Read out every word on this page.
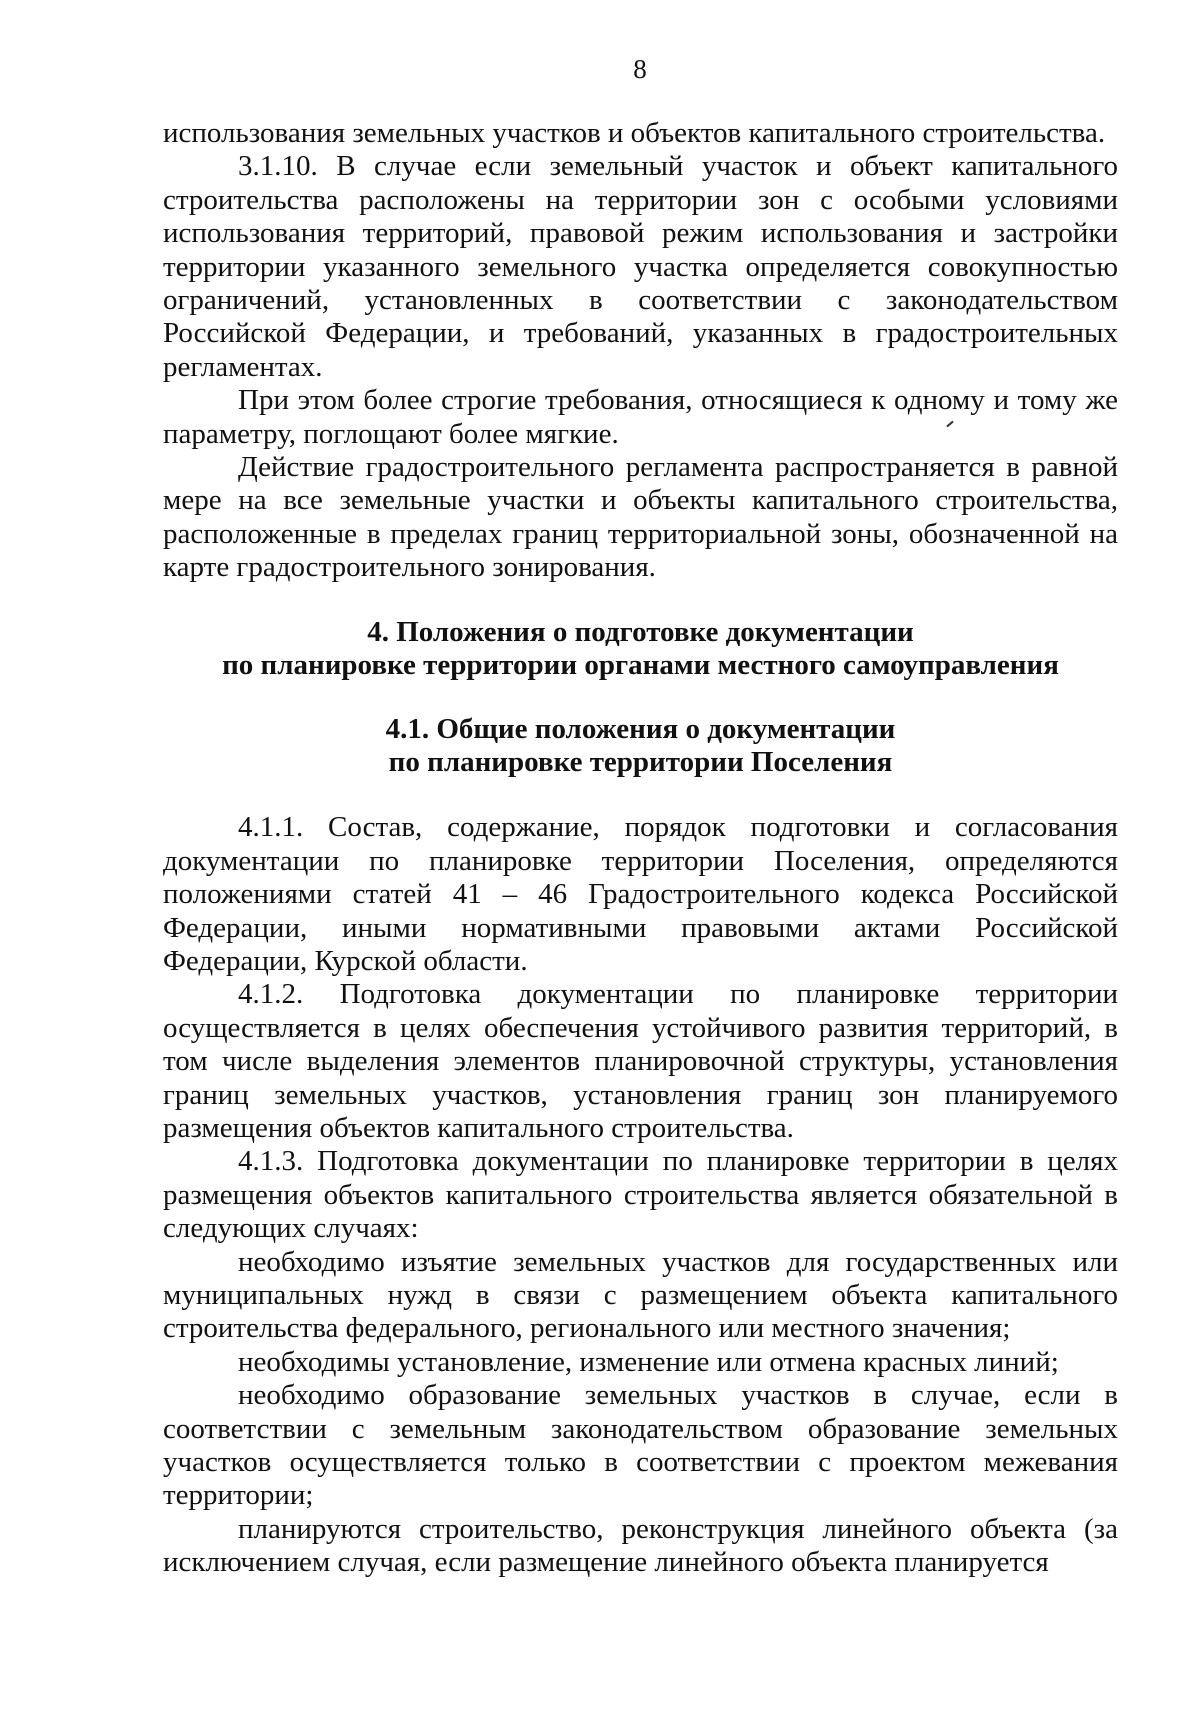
8

использования земельных участков и объектов капитального строительства.

3.1.10. В случае если земельный участок и объект капитального строительства расположены на территории зон с особыми условиями использования территорий, правовой режим использования и застройки территории указанного земельного участка определяется совокупностью ограничений, установленных в соответствии с законодательством Российской Федерации, и требований, указанных в градостроительных регламентах.

При этом более строгие требования, относящиеся к одному и тому же параметру, поглощают более мягкие.

Действие градостроительного регламента распространяется в равной мере на все земельные участки и объекты капитального строительства, расположенные в пределах границ территориальной зоны, обозначенной на карте градостроительного зонирования.

4. Положения о подготовке документации

по планировке территории органами местного самоуправления

4.1. Общие положения о документации

по планировке территории Поселения

4.1.1. Состав, содержание, порядок подготовки и согласования документации по планировке территории Поселения, определяются положениями статей 41 – 46 Градостроительного кодекса Российской Федерации, иными нормативными правовыми актами Российской Федерации, Курской области.

4.1.2. Подготовка документации по планировке территории осуществляется в целях обеспечения устойчивого развития территорий, в том числе выделения элементов планировочной структуры, установления границ земельных участков, установления границ зон планируемого размещения объектов капитального строительства.

4.1.3. Подготовка документации по планировке территории в целях размещения объектов капитального строительства является обязательной в следующих случаях:

необходимо изъятие земельных участков для государственных или муниципальных нужд в связи с размещением объекта капитального строительства федерального, регионального или местного значения;

необходимы установление, изменение или отмена красных линий;

необходимо образование земельных участков в случае, если в соответствии с земельным законодательством образование земельных участков осуществляется только в соответствии с проектом межевания территории;

планируются строительство, реконструкция линейного объекта (за исключением случая, если размещение линейного объекта планируется
